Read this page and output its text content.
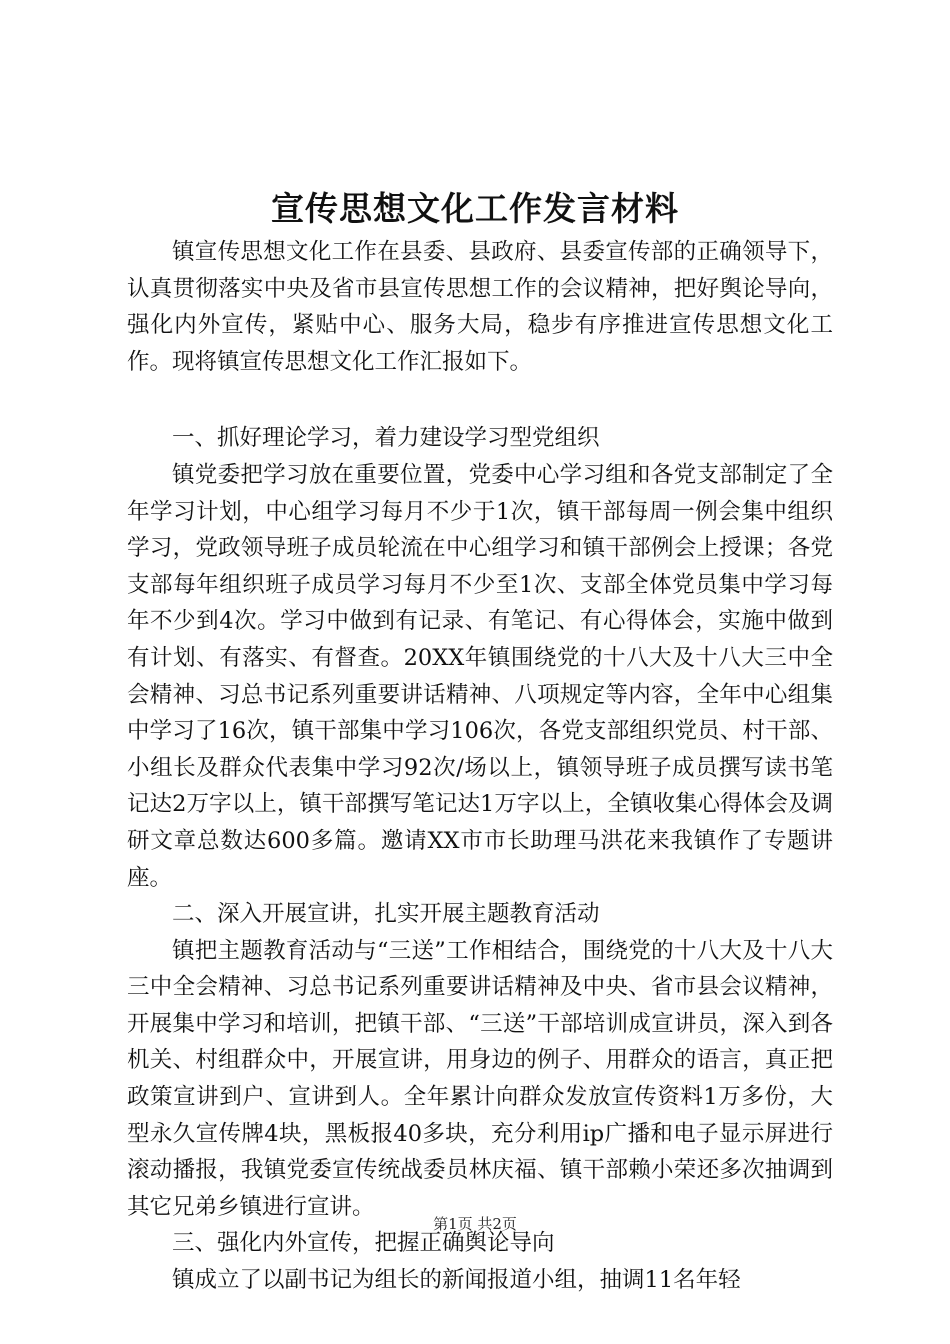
宣传思想文化工作发言材料

镇宣传思想文化工作在县委、县政府、县委宣传部的正确领导下，认真贯彻落实中央及省市县宣传思想工作的会议精神，把好舆论导向，强化内外宣传，紧贴中心、服务大局，稳步有序推进宣传思想文化工作。现将镇宣传思想文化工作汇报如下。

一、抓好理论学习，着力建设学习型党组织

镇党委把学习放在重要位置，党委中心学习组和各党支部制定了全年学习计划，中心组学习每月不少于1次，镇干部每周一例会集中组织学习，党政领导班子成员轮流在中心组学习和镇干部例会上授课；各党支部每年组织班子成员学习每月不少至1次、支部全体党员集中学习每年不少到4次。学习中做到有记录、有笔记、有心得体会，实施中做到有计划、有落实、有督查。20XX年镇围绕党的十八大及十八大三中全会精神、习总书记系列重要讲话精神、八项规定等内容，全年中心组集中学习了16次，镇干部集中学习106次，各党支部组织党员、村干部、小组长及群众代表集中学习92次/场以上，镇领导班子成员撰写读书笔记达2万字以上，镇干部撰写笔记达1万字以上，全镇收集心得体会及调研文章总数达600多篇。邀请XX市市长助理马洪花来我镇作了专题讲座。

二、深入开展宣讲，扎实开展主题教育活动

镇把主题教育活动与“三送”工作相结合，围绕党的十八大及十八大三中全会精神、习总书记系列重要讲话精神及中央、省市县会议精神，开展集中学习和培训，把镇干部、“三送”干部培训成宣讲员，深入到各机关、村组群众中，开展宣讲，用身边的例子、用群众的语言，真正把政策宣讲到户、宣讲到人。全年累计向群众发放宣传资料1万多份，大型永久宣传牌4块，黑板报40多块，充分利用ip广播和电子显示屏进行滚动播报，我镇党委宣传统战委员林庆福、镇干部赖小荣还多次抽调到其它兄弟乡镇进行宣讲。

三、强化内外宣传，把握正确舆论导向

镇成立了以副书记为组长的新闻报道小组，抽调11名年轻

第1页 共2页
